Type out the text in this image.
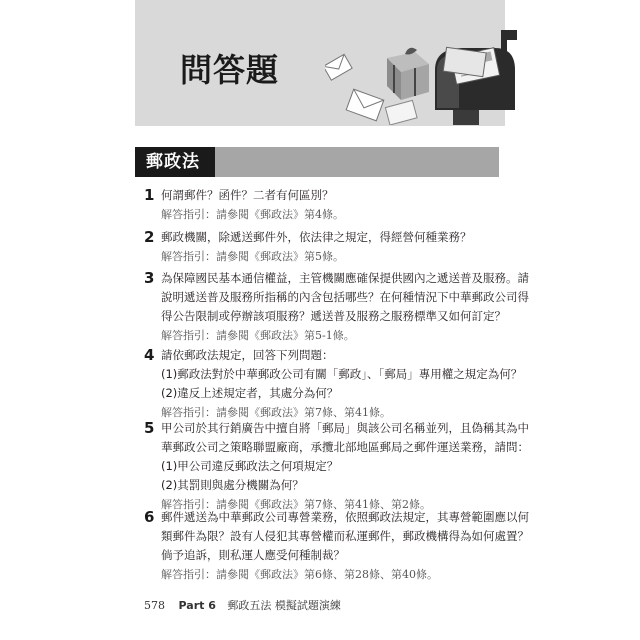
問答題
郵政法
1 何謂郵件？函件？二者有何區別？
解答指引：請參閱《郵政法》第4條。
2 郵政機關，除遞送郵件外，依法律之規定，得經營何種業務？
解答指引：請參閱《郵政法》第5條。
3 為保障國民基本通信權益，主管機關應確保提供國內之遞送普及服務。請
說明遞送普及服務所指稱的內含包括哪些？在何種情況下中華郵政公司得
得公告限制或停辦該項服務？遞送普及服務之服務標準又如何訂定？
解答指引：請參閱《郵政法》第5-1條。
4 請依郵政法規定，回答下列問題：
(1)郵政法對於中華郵政公司有關「郵政」、「郵局」專用權之規定為何？
(2)違反上述規定者，其處分為何？
解答指引：請參閱《郵政法》第7條、第41條。
5 甲公司於其行銷廣告中擅自將「郵局」與該公司名稱並列，且偽稱其為中
華郵政公司之策略聯盟廠商，承攬北部地區郵局之郵件運送業務，請問：
(1)甲公司違反郵政法之何項規定？
(2)其罰則與處分機關為何？
解答指引：請參閱《郵政法》第7條、第41條、第2條。
6 郵件遞送為中華郵政公司專營業務，依照郵政法規定，其專營範圍應以何
類郵件為限？設有人侵犯其專營權而私運郵件，郵政機構得為如何處置？
倘予追訴，則私運人應受何種制裁？
解答指引：請參閱《郵政法》第6條、第28條、第40條。
578 Part 6 郵政五法 模擬試題演練
